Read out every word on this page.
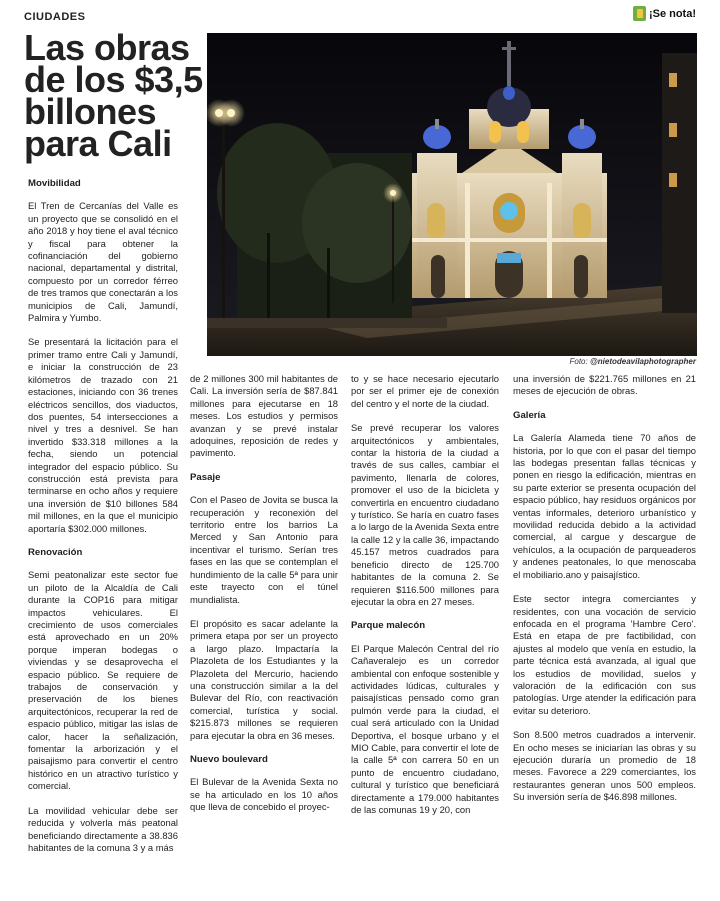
CIUDADES	¡Se nota!
Las obras de los $3,5 billones para Cali
Foto: @nietodeavilaphotographer
Movibilidad

El Tren de Cercanías del Valle es un proyecto que se consolidó en el año 2018 y hoy tiene el aval técnico y fiscal para obtener la cofinanciación del gobierno nacional, departamental y distrital, compuesto por un corredor férreo de tres tramos que conectarán a los municipios de Cali, Jamundí, Palmira y Yumbo.

Se presentará la licitación para el primer tramo entre Cali y Jamundí, e iniciar la construcción de 23 kilómetros de trazado con 21 estaciones, iniciando con 36 trenes eléctricos sencillos, dos viaductos, dos puentes, 54 intersecciones a nivel y tres a desnivel. Se han invertido $33.318 millones a la fecha, siendo un potencial integrador del espacio público. Su construcción está prevista para terminarse en ocho años y requiere una inversión de $10 billones 584 mil millones, en la que el municipio aportaría $302.000 millones.

Renovación

Semi peatonalizar este sector fue un piloto de la Alcaldía de Cali durante la COP16 para mitigar impactos vehiculares. El crecimiento de usos comerciales está aprovechado en un 20% porque imperan bodegas o viviendas y se desaprovecha el espacio público. Se requiere de trabajos de conservación y preservación de los bienes arquitectónicos, recuperar la red de espacio público, mitigar las islas de calor, hacer la señalización, fomentar la arborización y el paisajismo para convertir el centro histórico en un atractivo turístico y comercial.

La movilidad vehicular debe ser reducida y volverla más peatonal beneficiando directamente a 38.836 habitantes de la comuna 3 y a más

de 2 millones 300 mil habitantes de Cali. La inversión sería de $87.841 millones para ejecutarse en 18 meses. Los estudios y permisos avanzan y se prevé instalar adoquines, reposición de redes y pavimento.

Pasaje

Con el Paseo de Jovita se busca la recuperación y reconexión del territorio entre los barrios La Merced y San Antonio para incentivar el turismo. Serían tres fases en las que se contemplan el hundimiento de la calle 5ª para unir este trayecto con el túnel mundialista.

El propósito es sacar adelante la primera etapa por ser un proyecto a largo plazo. Impactaría la Plazoleta de los Estudiantes y la Plazoleta del Mercurio, haciendo una construcción similar a la del Bulevar del Río, con reactivación comercial, turística y social. $215.873 millones se requieren para ejecutar la obra en 36 meses.

Nuevo boulevard

El Bulevar de la Avenida Sexta no se ha articulado en los 10 años que lleva de concebido el proyec-

to y se hace necesario ejecutarlo por ser el primer eje de conexión del centro y el norte de la ciudad.

Se prevé recuperar los valores arquitectónicos y ambientales, contar la historia de la ciudad a través de sus calles, cambiar el pavimento, llenarla de colores, promover el uso de la bicicleta y convertirla en encuentro ciudadano y turístico. Se haría en cuatro fases a lo largo de la Avenida Sexta entre la calle 12 y la calle 36, impactando 45.157 metros cuadrados para beneficio directo de 125.700 habitantes de la comuna 2. Se requieren $116.500 millones para ejecutar la obra en 27 meses.

Parque malecón

El Parque Malecón Central del río Cañaveralejo es un corredor ambiental con enfoque sostenible y actividades lúdicas, culturales y paisajísticas pensado como gran pulmón verde para la ciudad, el cual será articulado con la Unidad Deportiva, el bosque urbano y el MIO Cable, para convertir el lote de la calle 5ª con carrera 50 en un punto de encuentro ciudadano, cultural y turístico que beneficiará directamente a 179.000 habitantes de las comunas 19 y 20, con

una inversión de $221.765 millones en 21 meses de ejecución de obras.

Galería

La Galería Alameda tiene 70 años de historia, por lo que con el pasar del tiempo las bodegas presentan fallas técnicas y ponen en riesgo la edificación, mientras en su parte exterior se presenta ocupación del espacio público, hay residuos orgánicos por ventas informales, deterioro urbanístico y movilidad reducida debido a la actividad comercial, al cargue y descargue de vehículos, a la ocupación de parqueaderos y andenes peatonales, lo que menoscaba el mobiliario.ano y paisajístico.

Este sector integra comerciantes y residentes, con una vocación de servicio enfocada en el programa 'Hambre Cero'. Está en etapa de pre factibilidad, con ajustes al modelo que venía en estudio, la parte técnica está avanzada, al igual que los estudios de movilidad, suelos y valoración de la edificación con sus patologías. Urge atender la edificación para evitar su deterioro.

Son 8.500 metros cuadrados a intervenir. En ocho meses se iniciarían las obras y su ejecución duraría un promedio de 18 meses. Favorece a 229 comerciantes, los restaurantes generan unos 500 empleos. Su inversión sería de $46.898 millones.
